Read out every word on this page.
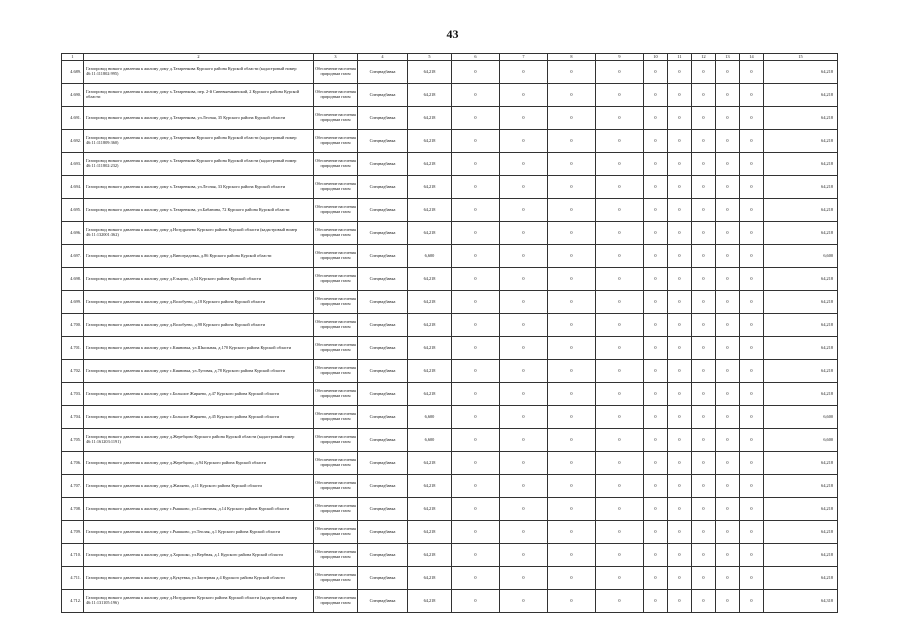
43
1	2	3	4	5	6	7	8	9	10	11	12	13	14	15
4.689.	Газопровод низкого давления к жилому дому д.Татаренкова Курского района Курской области (кадастровый номер 46:11:111802:995)	Обеспечение населения природным газом	Спецнадбавка	64,218	0	0	0	0	0	0	0	0	0	64,218
4.690.	Газопровод низкого давления к жилому дому х.Татаренкова, пер. 2-й Синевыемкинский, 2 Курского района Курской области	Обеспечение населения природным газом	Спецнадбавка	64,218	0	0	0	0	0	0	0	0	0	64,218
4.691.	Газопровод низкого давления к жилому дому д.Татаренкова, ул.Лесная, 35 Курского района Курской области	Обеспечение населения природным газом	Спецнадбавка	64,218	0	0	0	0	0	0	0	0	0	64,218
4.692.	Газопровод низкого давления к жилому дому д.Татаренкова Курского района Курской области (кадастровый номер 46:11:111809:360)	Обеспечение населения природным газом	Спецнадбавка	64,218	0	0	0	0	0	0	0	0	0	64,218
4.693.	Газопровод низкого давления к жилому дому х.Татаренкова Курского района Курской области (кадастровый номер 46:11:111802:232)	Обеспечение населения природным газом	Спецнадбавка	64,218	0	0	0	0	0	0	0	0	0	64,218
4.694.	Газопровод низкого давления к жилому дому х.Татаренкова, ул.Лесная, 33 Курского района Курской области	Обеспечение населения природным газом	Спецнадбавка	64,218	0	0	0	0	0	0	0	0	0	64,218
4.695.	Газопровод низкого давления к жилому дому х.Татаренкова, ул.Бабанина, 72 Курского района Курской области	Обеспечение населения природным газом	Спецнадбавка	64,218	0	0	0	0	0	0	0	0	0	64,218
4.696.	Газопровод низкого давления к жилому дому д.Нозудрачево Курского района Курской области (кадастровый номер 46:11:132001:362)	Обеспечение населения природным газом	Спецнадбавка	64,218	0	0	0	0	0	0	0	0	0	64,218
4.697.	Газопровод низкого давления к жилому дому д.Виноградовка, д.86 Курского района Курской области	Обеспечение населения природным газом	Спецнадбавка	6,600	0	0	0	0	0	0	0	0	0	6,600
4.698.	Газопровод низкого давления к жилому дому д.Ельцово, д.54 Курского района Курской области	Обеспечение населения природным газом	Спецнадбавка	64,218	0	0	0	0	0	0	0	0	0	64,218
4.699.	Газопровод низкого давления к жилому дому д.Волобуево, д.18 Курского района Курской области	Обеспечение населения природным газом	Спецнадбавка	64,218	0	0	0	0	0	0	0	0	0	64,218
4.700.	Газопровод низкого давления к жилому дому д.Волобуево, д.98 Курского района Курской области	Обеспечение населения природным газом	Спецнадбавка	64,218	0	0	0	0	0	0	0	0	0	64,218
4.701.	Газопровод низкого давления к жилому дому с.Кияновка, ул.Школьная, д.170 Курского района Курской области	Обеспечение населения природным газом	Спецнадбавка	64,218	0	0	0	0	0	0	0	0	0	64,218
4.702.	Газопровод низкого давления к жилому дому с.Кияновка, ул.Луговая, д.78 Курского района Курской области	Обеспечение населения природным газом	Спецнадбавка	64,218	0	0	0	0	0	0	0	0	0	64,218
4.703.	Газопровод низкого давления к жилому дому с.Большое Жиряево, д.47 Курского района Курской области	Обеспечение населения природным газом	Спецнадбавка	64,218	0	0	0	0	0	0	0	0	0	64,218
4.704.	Газопровод низкого давления к жилому дому с.Большое Жиряево, д.45 Курского района Курской области	Обеспечение населения природным газом	Спецнадбавка	6,600	0	0	0	0	0	0	0	0	0	6,600
4.705.	Газопровод низкого давления к жилому дому д.Жеребцово Курского района Курской области (кадастровый номер 46:11:161203:1191)	Обеспечение населения природным газом	Спецнадбавка	6,600	0	0	0	0	0	0	0	0	0	6,600
4.706.	Газопровод низкого давления к жилому дому д.Жеребцово, д.94 Курского района Курской области	Обеспечение населения природным газом	Спецнадбавка	64,218	0	0	0	0	0	0	0	0	0	64,218
4.707.	Газопровод низкого давления к жилому дому д.Жиляево, д.11 Курского района Курской области	Обеспечение населения природным газом	Спецнадбавка	64,218	0	0	0	0	0	0	0	0	0	64,218
4.708.	Газопровод низкого давления к жилому дому с.Рышково, ул.Солнечная, д.14 Курского района Курской области	Обеспечение населения природным газом	Спецнадбавка	64,218	0	0	0	0	0	0	0	0	0	64,218
4.709.	Газопровод низкого давления к жилому дому с.Рышково, ул.Теплая, д.1 Курского района Курской области	Обеспечение населения природным газом	Спецнадбавка	64,218	0	0	0	0	0	0	0	0	0	64,218
4.710.	Газопровод низкого давления к жилому дому д.Хорошко, ул.Вербная, д.1 Курского района Курской области	Обеспечение населения природным газом	Спецнадбавка	64,218	0	0	0	0	0	0	0	0	0	64,218
4.711.	Газопровод низкого давления к жилому дому д.Кукуевка, ул.Заозерная д.4 Курского района Курской области	Обеспечение населения природным газом	Спецнадбавка	64,218	0	0	0	0	0	0	0	0	0	64,218
4.712.	Газопровод низкого давления к жилому дому д.Нозудрачево Курского района Курской области (кадастровый номер 46:11:131105:196)	Обеспечение населения природным газом	Спецнадбавка	64,218	0	0	0	0	0	0	0	0	0	64,318
